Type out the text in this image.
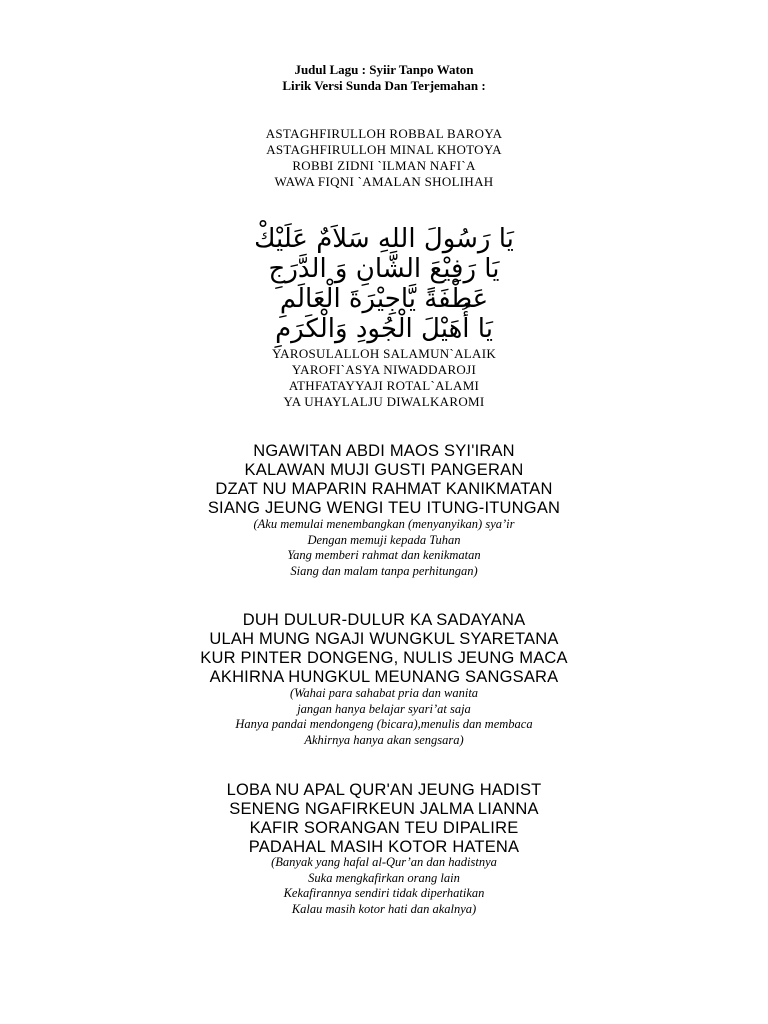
Judul Lagu : Syiir Tanpo Waton
Lirik Versi Sunda Dan Terjemahan :
ASTAGHFIRULLOH ROBBAL BAROYA
ASTAGHFIRULLOH MINAL KHOTOYA
ROBBI ZIDNI `ILMAN NAFI`A
WAWA FIQNI `AMALAN SHOLIHAH
يَا رَسُولَ اللهِ سَلاَمٌ عَلَيْكْ
يَا رَفِيْعَ الشَّانِ وَ الدَّرَجِ
عَطْفَةً يَّاجِيْرَةَ الْعَالَمِ
يَا أُهَيْلَ الْجُودِ وَالْكَرَمِ
YAROSULALLOH SALAMUN`ALAIK
YAROFI`ASYA NIWADDAROJI
ATHFATAYYAJI ROTAL`ALAMI
YA UHAYLALJU DIWALKAROMI
NGAWITAN ABDI MAOS SYI'IRAN
KALAWAN MUJI GUSTI PANGERAN
DZAT NU MAPARIN RAHMAT KANIKMATAN
SIANG JEUNG WENGI TEU ITUNG-ITUNGAN
(Aku memulai menembangkan (menyanyikan) sya’ir
Dengan memuji kepada Tuhan
Yang memberi rahmat dan kenikmatan
Siang dan malam tanpa perhitungan)
DUH DULUR-DULUR KA SADAYANA
ULAH MUNG NGAJI WUNGKUL SYARETANA
KUR PINTER DONGENG, NULIS JEUNG MACA
AKHIRNA HUNGKUL MEUNANG SANGSARA
(Wahai para sahabat pria dan wanita
jangan hanya belajar syari’at saja
Hanya pandai mendongeng (bicara),menulis dan membaca
Akhirnya hanya akan sengsara)
LOBA NU APAL QUR'AN JEUNG HADIST
SENENG NGAFIRKEUN JALMA LIANNA
KAFIR SORANGAN TEU DIPALIRE
PADAHAL MASIH KOTOR HATENA
(Banyak yang hafal al-Qur’an dan hadistnya
Suka mengkafirkan orang lain
Kekafirannya sendiri tidak diperhatikan
Kalau masih kotor hati dan akalnya)
